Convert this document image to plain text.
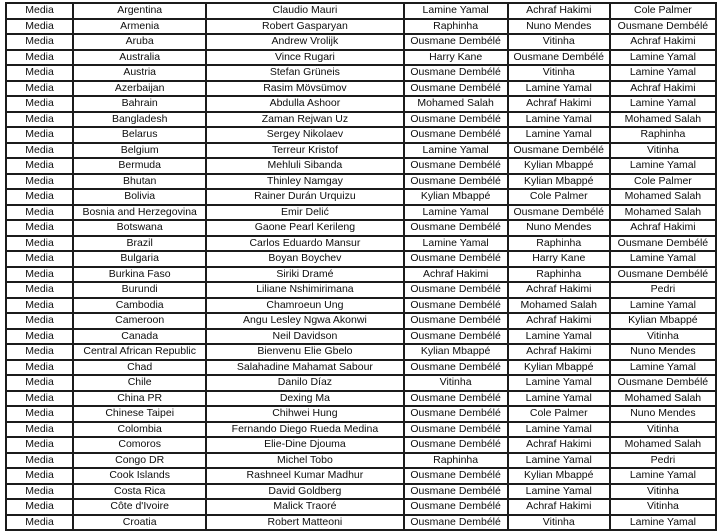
Media	Argentina	Claudio Mauri	Lamine Yamal	Achraf Hakimi	Cole Palmer
Media	Armenia	Robert Gasparyan	Raphinha	Nuno Mendes	Ousmane Dembélé
Media	Aruba	Andrew Vrolijk	Ousmane Dembélé	Vitinha	Achraf Hakimi
Media	Australia	Vince Rugari	Harry Kane	Ousmane Dembélé	Lamine Yamal
Media	Austria	Stefan Grüneis	Ousmane Dembélé	Vitinha	Lamine Yamal
Media	Azerbaijan	Rasim Mövsümov	Ousmane Dembélé	Lamine Yamal	Achraf Hakimi
Media	Bahrain	Abdulla Ashoor	Mohamed Salah	Achraf Hakimi	Lamine Yamal
Media	Bangladesh	Zaman Rejwan Uz	Ousmane Dembélé	Lamine Yamal	Mohamed Salah
Media	Belarus	Sergey Nikolaev	Ousmane Dembélé	Lamine Yamal	Raphinha
Media	Belgium	Terreur Kristof	Lamine Yamal	Ousmane Dembélé	Vitinha
Media	Bermuda	Mehluli Sibanda	Ousmane Dembélé	Kylian Mbappé	Lamine Yamal
Media	Bhutan	Thinley Namgay	Ousmane Dembélé	Kylian Mbappé	Cole Palmer
Media	Bolivia	Rainer Durán Urquizu	Kylian Mbappé	Cole Palmer	Mohamed Salah
Media	Bosnia and Herzegovina	Emir Delić	Lamine Yamal	Ousmane Dembélé	Mohamed Salah
Media	Botswana	Gaone Pearl Kerileng	Ousmane Dembélé	Nuno Mendes	Achraf Hakimi
Media	Brazil	Carlos Eduardo Mansur	Lamine Yamal	Raphinha	Ousmane Dembélé
Media	Bulgaria	Boyan Boychev	Ousmane Dembélé	Harry Kane	Lamine Yamal
Media	Burkina Faso	Siriki Dramé	Achraf Hakimi	Raphinha	Ousmane Dembélé
Media	Burundi	Liliane Nshimirimana	Ousmane Dembélé	Achraf Hakimi	Pedri
Media	Cambodia	Chamroeun Ung	Ousmane Dembélé	Mohamed Salah	Lamine Yamal
Media	Cameroon	Angu Lesley Ngwa Akonwi	Ousmane Dembélé	Achraf Hakimi	Kylian Mbappé
Media	Canada	Neil Davidson	Ousmane Dembélé	Lamine Yamal	Vitinha
Media	Central African Republic	Bienvenu Elie Gbelo	Kylian Mbappé	Achraf Hakimi	Nuno Mendes
Media	Chad	Salahadine Mahamat Sabour	Ousmane Dembélé	Kylian Mbappé	Lamine Yamal
Media	Chile	Danilo Díaz	Vitinha	Lamine Yamal	Ousmane Dembélé
Media	China PR	Dexing Ma	Ousmane Dembélé	Lamine Yamal	Mohamed Salah
Media	Chinese Taipei	Chihwei Hung	Ousmane Dembélé	Cole Palmer	Nuno Mendes
Media	Colombia	Fernando Diego Rueda Medina	Ousmane Dembélé	Lamine Yamal	Vitinha
Media	Comoros	Elie-Dine Djouma	Ousmane Dembélé	Achraf Hakimi	Mohamed Salah
Media	Congo DR	Michel Tobo	Raphinha	Lamine Yamal	Pedri
Media	Cook Islands	Rashneel Kumar Madhur	Ousmane Dembélé	Kylian Mbappé	Lamine Yamal
Media	Costa Rica	David Goldberg	Ousmane Dembélé	Lamine Yamal	Vitinha
Media	Côte d'Ivoire	Malick Traoré	Ousmane Dembélé	Achraf Hakimi	Vitinha
Media	Croatia	Robert Matteoni	Ousmane Dembélé	Vitinha	Lamine Yamal
